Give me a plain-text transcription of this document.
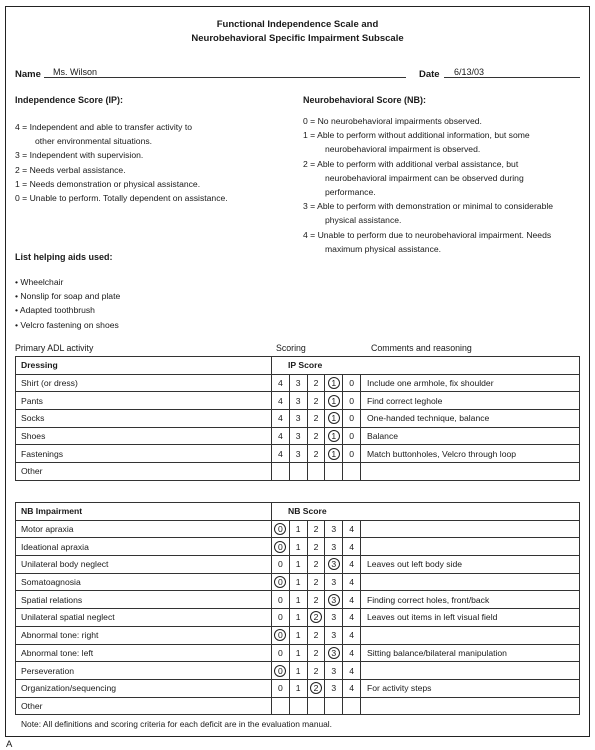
Functional Independence Scale and
Neurobehavioral Specific Impairment Subscale
Name Ms. Wilson	Date 6/13/03
Independence Score (IP):
4 = Independent and able to transfer activity to
other environmental situations.
3 = Independent with supervision.
2 = Needs verbal assistance.
1 = Needs demonstration or physical assistance.
0 = Unable to perform. Totally dependent on assistance.
Neurobehavioral Score (NB):
0 = No neurobehavioral impairments observed.
1 = Able to perform without additional information, but some
neurobehavioral impairment is observed.
2 = Able to perform with additional verbal assistance, but
neurobehavioral impairment can be observed during
performance.
3 = Able to perform with demonstration or minimal to considerable
physical assistance.
4 = Unable to perform due to neurobehavioral impairment. Needs
maximum physical assistance.
List helping aids used:
• Wheelchair
• Nonslip for soap and plate
• Adapted toothbrush
• Velcro fastening on shoes
Primary ADL activity	Scoring	Comments and reasoning
Dressing	IP Score					
Shirt (or dress)	4	3	2	1	0	Include one armhole, fix shoulder
Pants	4	3	2	1	0	Find correct leghole
Socks	4	3	2	1	0	One-handed technique, balance
Shoes	4	3	2	1	0	Balance
Fastenings	4	3	2	1	0	Match buttonholes, Velcro through loop
Other						
NB Impairment	NB Score					
Motor apraxia	0	1	2	3	4	
Ideational apraxia	0	1	2	3	4	
Unilateral body neglect	0	1	2	3	4	Leaves out left body side
Somatoagnosia	0	1	2	3	4	
Spatial relations	0	1	2	3	4	Finding correct holes, front/back
Unilateral spatial neglect	0	1	2	3	4	Leaves out items in left visual field
Abnormal tone: right	0	1	2	3	4	
Abnormal tone: left	0	1	2	3	4	Sitting balance/bilateral manipulation
Perseveration	0	1	2	3	4	
Organization/sequencing	0	1	2	3	4	For activity steps
Other						
Note: All definitions and scoring criteria for each deficit are in the evaluation manual.
A
